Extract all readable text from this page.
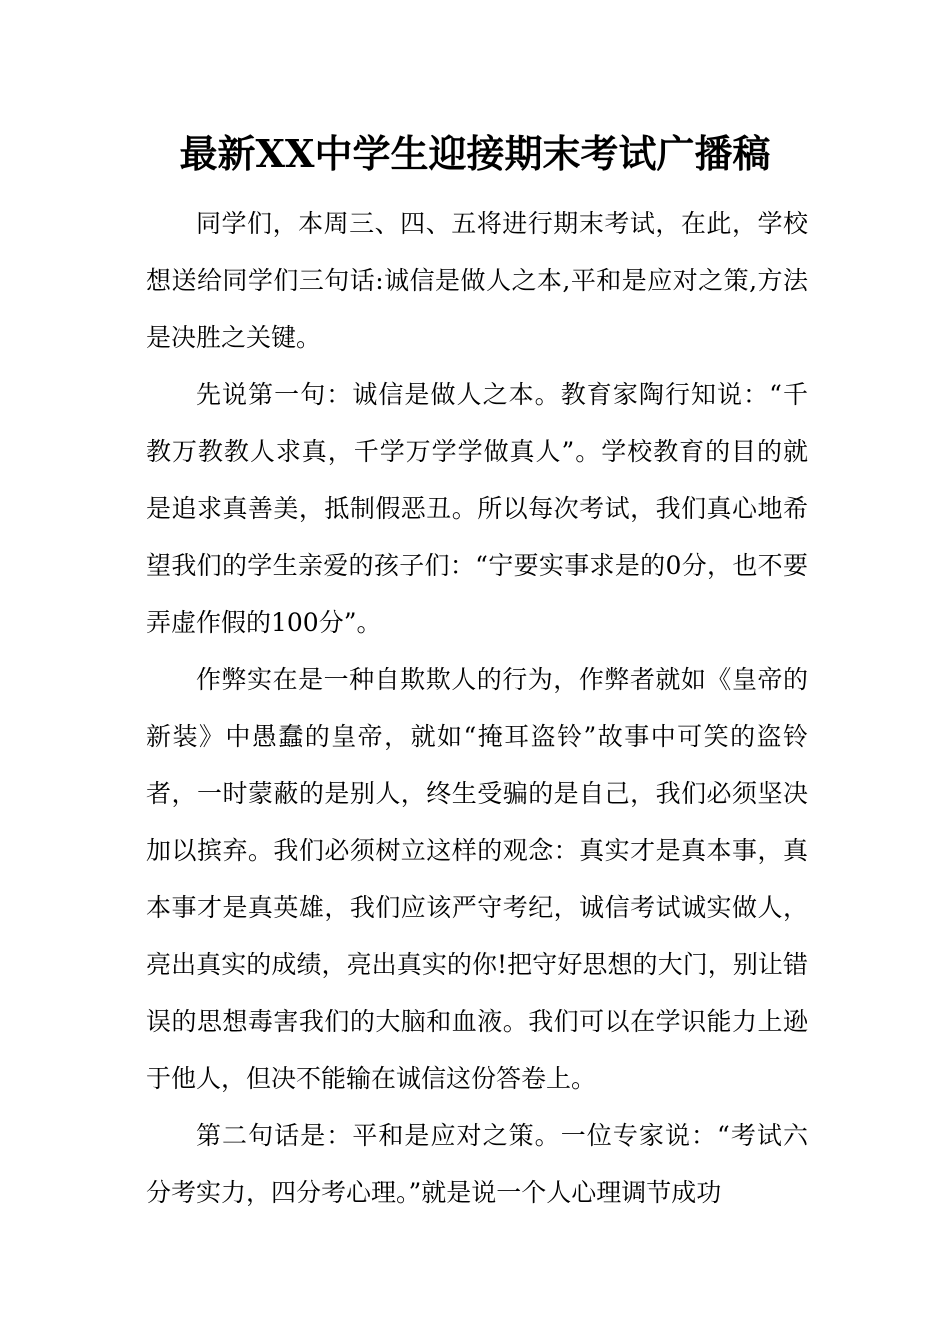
最新XX中学生迎接期末考试广播稿

同学们，本周三、四、五将进行期末考试，在此，学校想送给同学们三句话:诚信是做人之本,平和是应对之策,方法是决胜之关键。

先说第一句：诚信是做人之本。教育家陶行知说：“千教万教教人求真，千学万学学做真人”。学校教育的目的就是追求真善美，抵制假恶丑。所以每次考试，我们真心地希望我们的学生亲爱的孩子们：“宁要实事求是的0分，也不要弄虚作假的100分”。

作弊实在是一种自欺欺人的行为，作弊者就如《皇帝的新装》中愚蠢的皇帝，就如“掩耳盗铃”故事中可笑的盗铃者，一时蒙蔽的是别人，终生受骗的是自己，我们必须坚决加以摈弃。我们必须树立这样的观念：真实才是真本事，真本事才是真英雄，我们应该严守考纪，诚信考试诚实做人，亮出真实的成绩，亮出真实的你!把守好思想的大门，别让错误的思想毒害我们的大脑和血液。我们可以在学识能力上逊于他人，但决不能输在诚信这份答卷上。

第二句话是：平和是应对之策。一位专家说：“考试六分考实力，四分考心理。”就是说一个人心理调节成功
